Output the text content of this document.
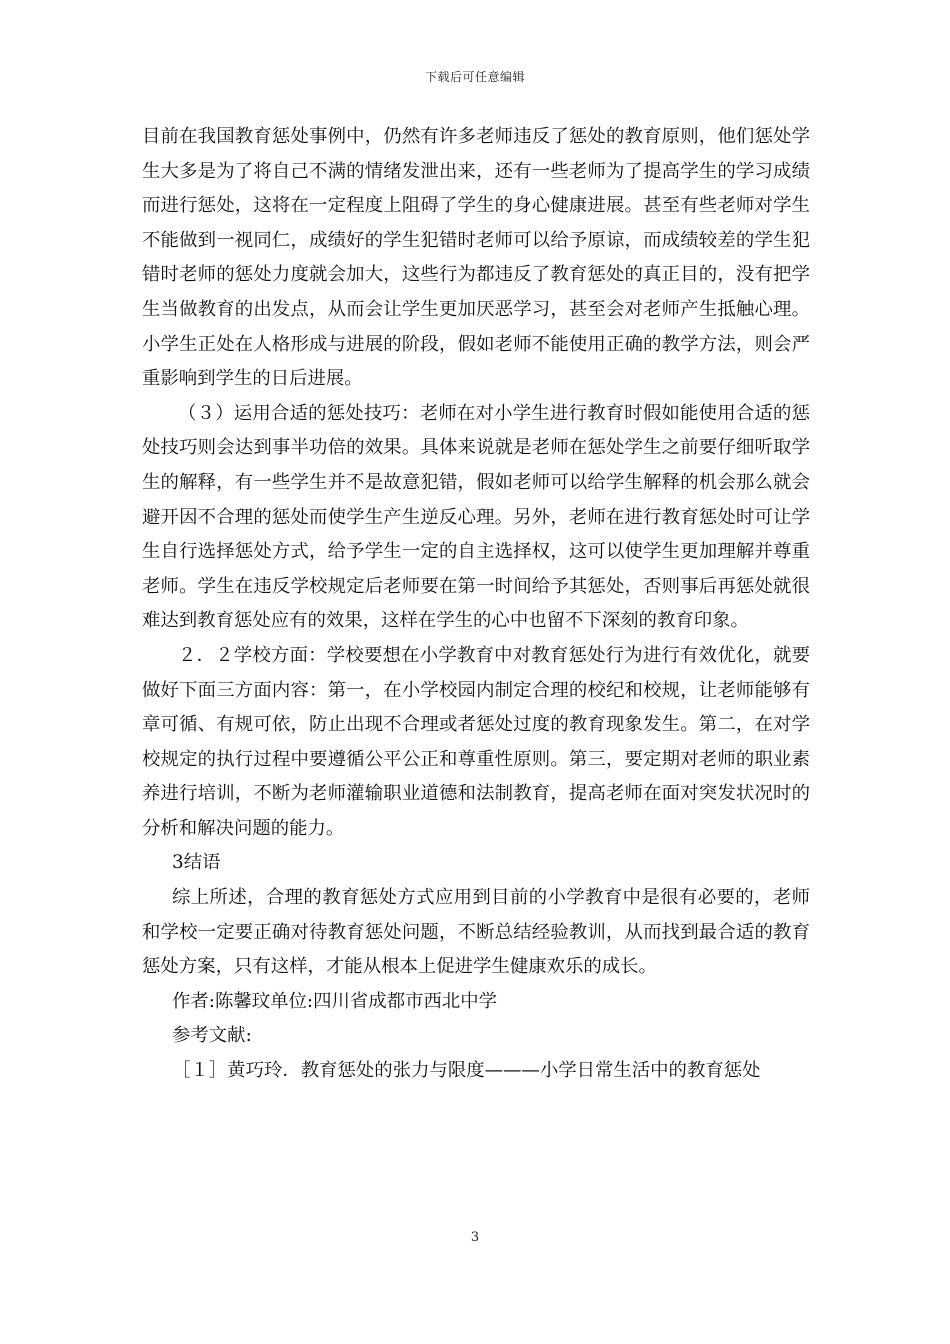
下载后可任意编辑

目前在我国教育惩处事例中，仍然有许多老师违反了惩处的教育原则，他们惩处学生大多是为了将自己不满的情绪发泄出来，还有一些老师为了提高学生的学习成绩而进行惩处，这将在一定程度上阻碍了学生的身心健康进展。甚至有些老师对学生不能做到一视同仁，成绩好的学生犯错时老师可以给予原谅，而成绩较差的学生犯错时老师的惩处力度就会加大，这些行为都违反了教育惩处的真正目的，没有把学生当做教育的出发点，从而会让学生更加厌恶学习，甚至会对老师产生抵触心理。小学生正处在人格形成与进展的阶段，假如老师不能使用正确的教学方法，则会严重影响到学生的日后进展。

（３）运用合适的惩处技巧：老师在对小学生进行教育时假如能使用合适的惩处技巧则会达到事半功倍的效果。具体来说就是老师在惩处学生之前要仔细听取学生的解释，有一些学生并不是故意犯错，假如老师可以给学生解释的机会那么就会避开因不合理的惩处而使学生产生逆反心理。另外，老师在进行教育惩处时可让学生自行选择惩处方式，给予学生一定的自主选择权，这可以使学生更加理解并尊重老师。学生在违反学校规定后老师要在第一时间给予其惩处，否则事后再惩处就很难达到教育惩处应有的效果，这样在学生的心中也留不下深刻的教育印象。

２．２学校方面：学校要想在小学教育中对教育惩处行为进行有效优化，就要做好下面三方面内容：第一，在小学校园内制定合理的校纪和校规，让老师能够有章可循、有规可依，防止出现不合理或者惩处过度的教育现象发生。第二，在对学校规定的执行过程中要遵循公平公正和尊重性原则。第三，要定期对老师的职业素养进行培训，不断为老师灌输职业道德和法制教育，提高老师在面对突发状况时的分析和解决问题的能力。

3结语

综上所述，合理的教育惩处方式应用到目前的小学教育中是很有必要的，老师和学校一定要正确对待教育惩处问题，不断总结经验教训，从而找到最合适的教育惩处方案，只有这样，才能从根本上促进学生健康欢乐的成长。

作者:陈馨玟单位:四川省成都市西北中学

参考文献:

［１］黄巧玲．教育惩处的张力与限度———小学日常生活中的教育惩处

3
